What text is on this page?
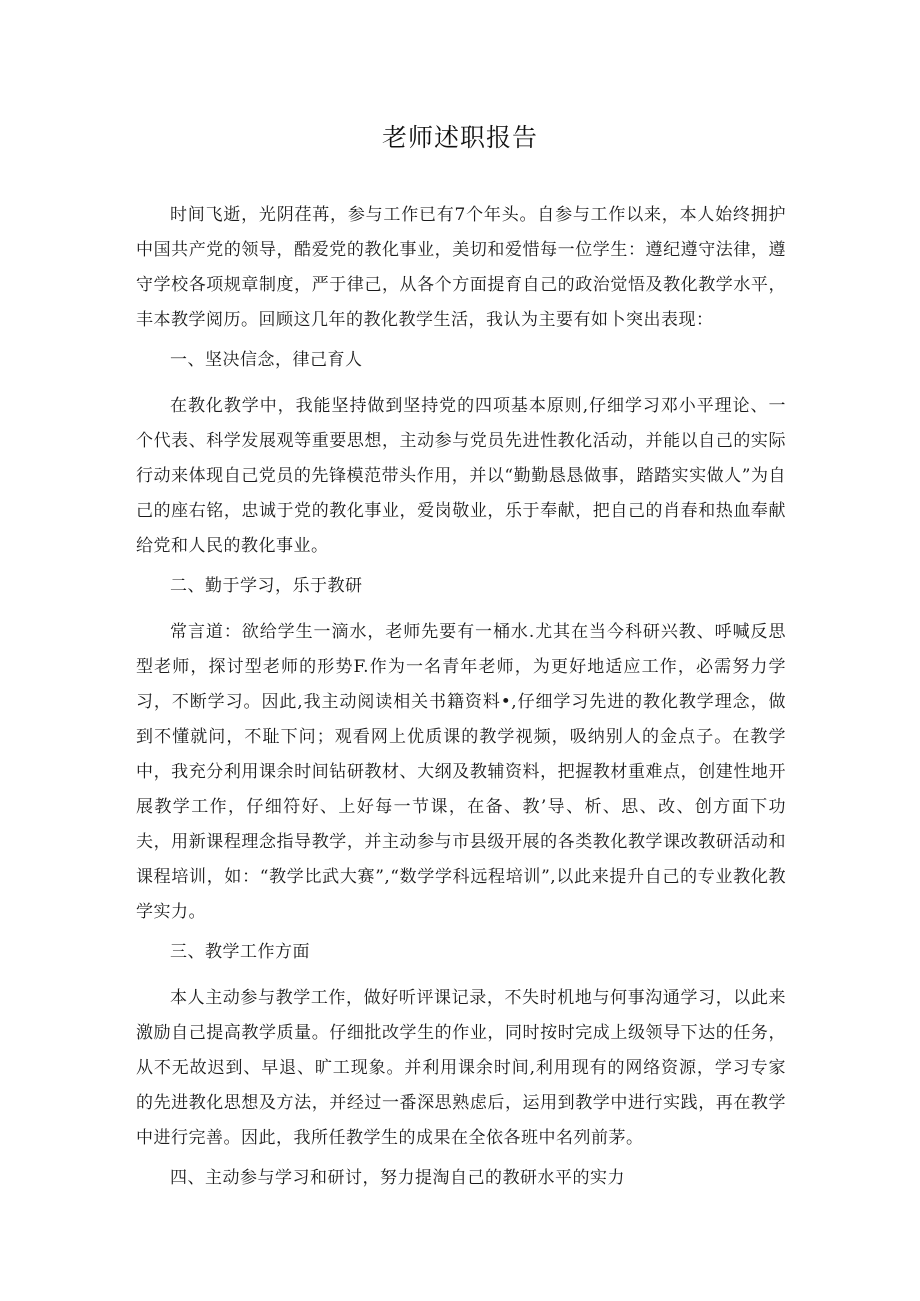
老师述职报告

时间飞逝，光阴荏苒，参与工作已有7个年头。自参与工作以来，本人始终拥护中国共产党的领导，酷爱党的教化事业，美切和爱惜每一位学生：遵纪遵守法律，遵守学校各项规章制度，严于律己，从各个方面提育自己的政治觉悟及教化教学水平，丰本教学阅历。回顾这几年的教化教学生活，我认为主要有如卜突出表现：

一、坚决信念，律己育人

在教化教学中，我能坚持做到坚持党的四项基本原则,仔细学习邓小平理论、一个代表、科学发展观等重要思想，主动参与党员先进性教化活动，并能以自己的实际行动来体现自己党员的先锋模范带头作用，并以“勤勤恳恳做事，踏踏实实做人”为自己的座右铭，忠诚于党的教化事业，爱岗敬业，乐于奉献，把自己的肖春和热血奉献给党和人民的教化事业。

二、勤于学习，乐于教研

常言道：欲给学生一滴水，老师先要有一桶水.尤其在当今科研兴教、呼喊反思型老师，探讨型老师的形势F.作为一名青年老师，为更好地适应工作，必需努力学习，不断学习。因此,我主动阅读相关书籍资料•,仔细学习先进的教化教学理念，做到不懂就问，不耻下问；观看网上优质课的教学视频，吸纳别人的金点子。在教学中，我充分利用课余时间钻研教材、大纲及教辅资料，把握教材重难点，创建性地开展教学工作，仔细符好、上好每一节课，在备、教’导、析、思、改、创方面下功夫，用新课程理念指导教学，并主动参与市县级开展的各类教化教学课改教研活动和课程培训，如：“教学比武大赛”,“数学学科远程培训”,以此来提升自己的专业教化教学实力。

三、教学工作方面

本人主动参与教学工作，做好听评课记录，不失时机地与何事沟通学习，以此来激励自己提高教学质量。仔细批改学生的作业，同时按时完成上级领导下达的任务，从不无故迟到、早退、旷工现象。并利用课余时间,利用现有的网络资源，学习专家的先进教化思想及方法，并经过一番深思熟虑后，运用到教学中进行实践，再在教学中进行完善。因此，我所任教学生的成果在全依各班中名列前茅。

四、主动参与学习和研讨，努力提淘自己的教研水平的实力
